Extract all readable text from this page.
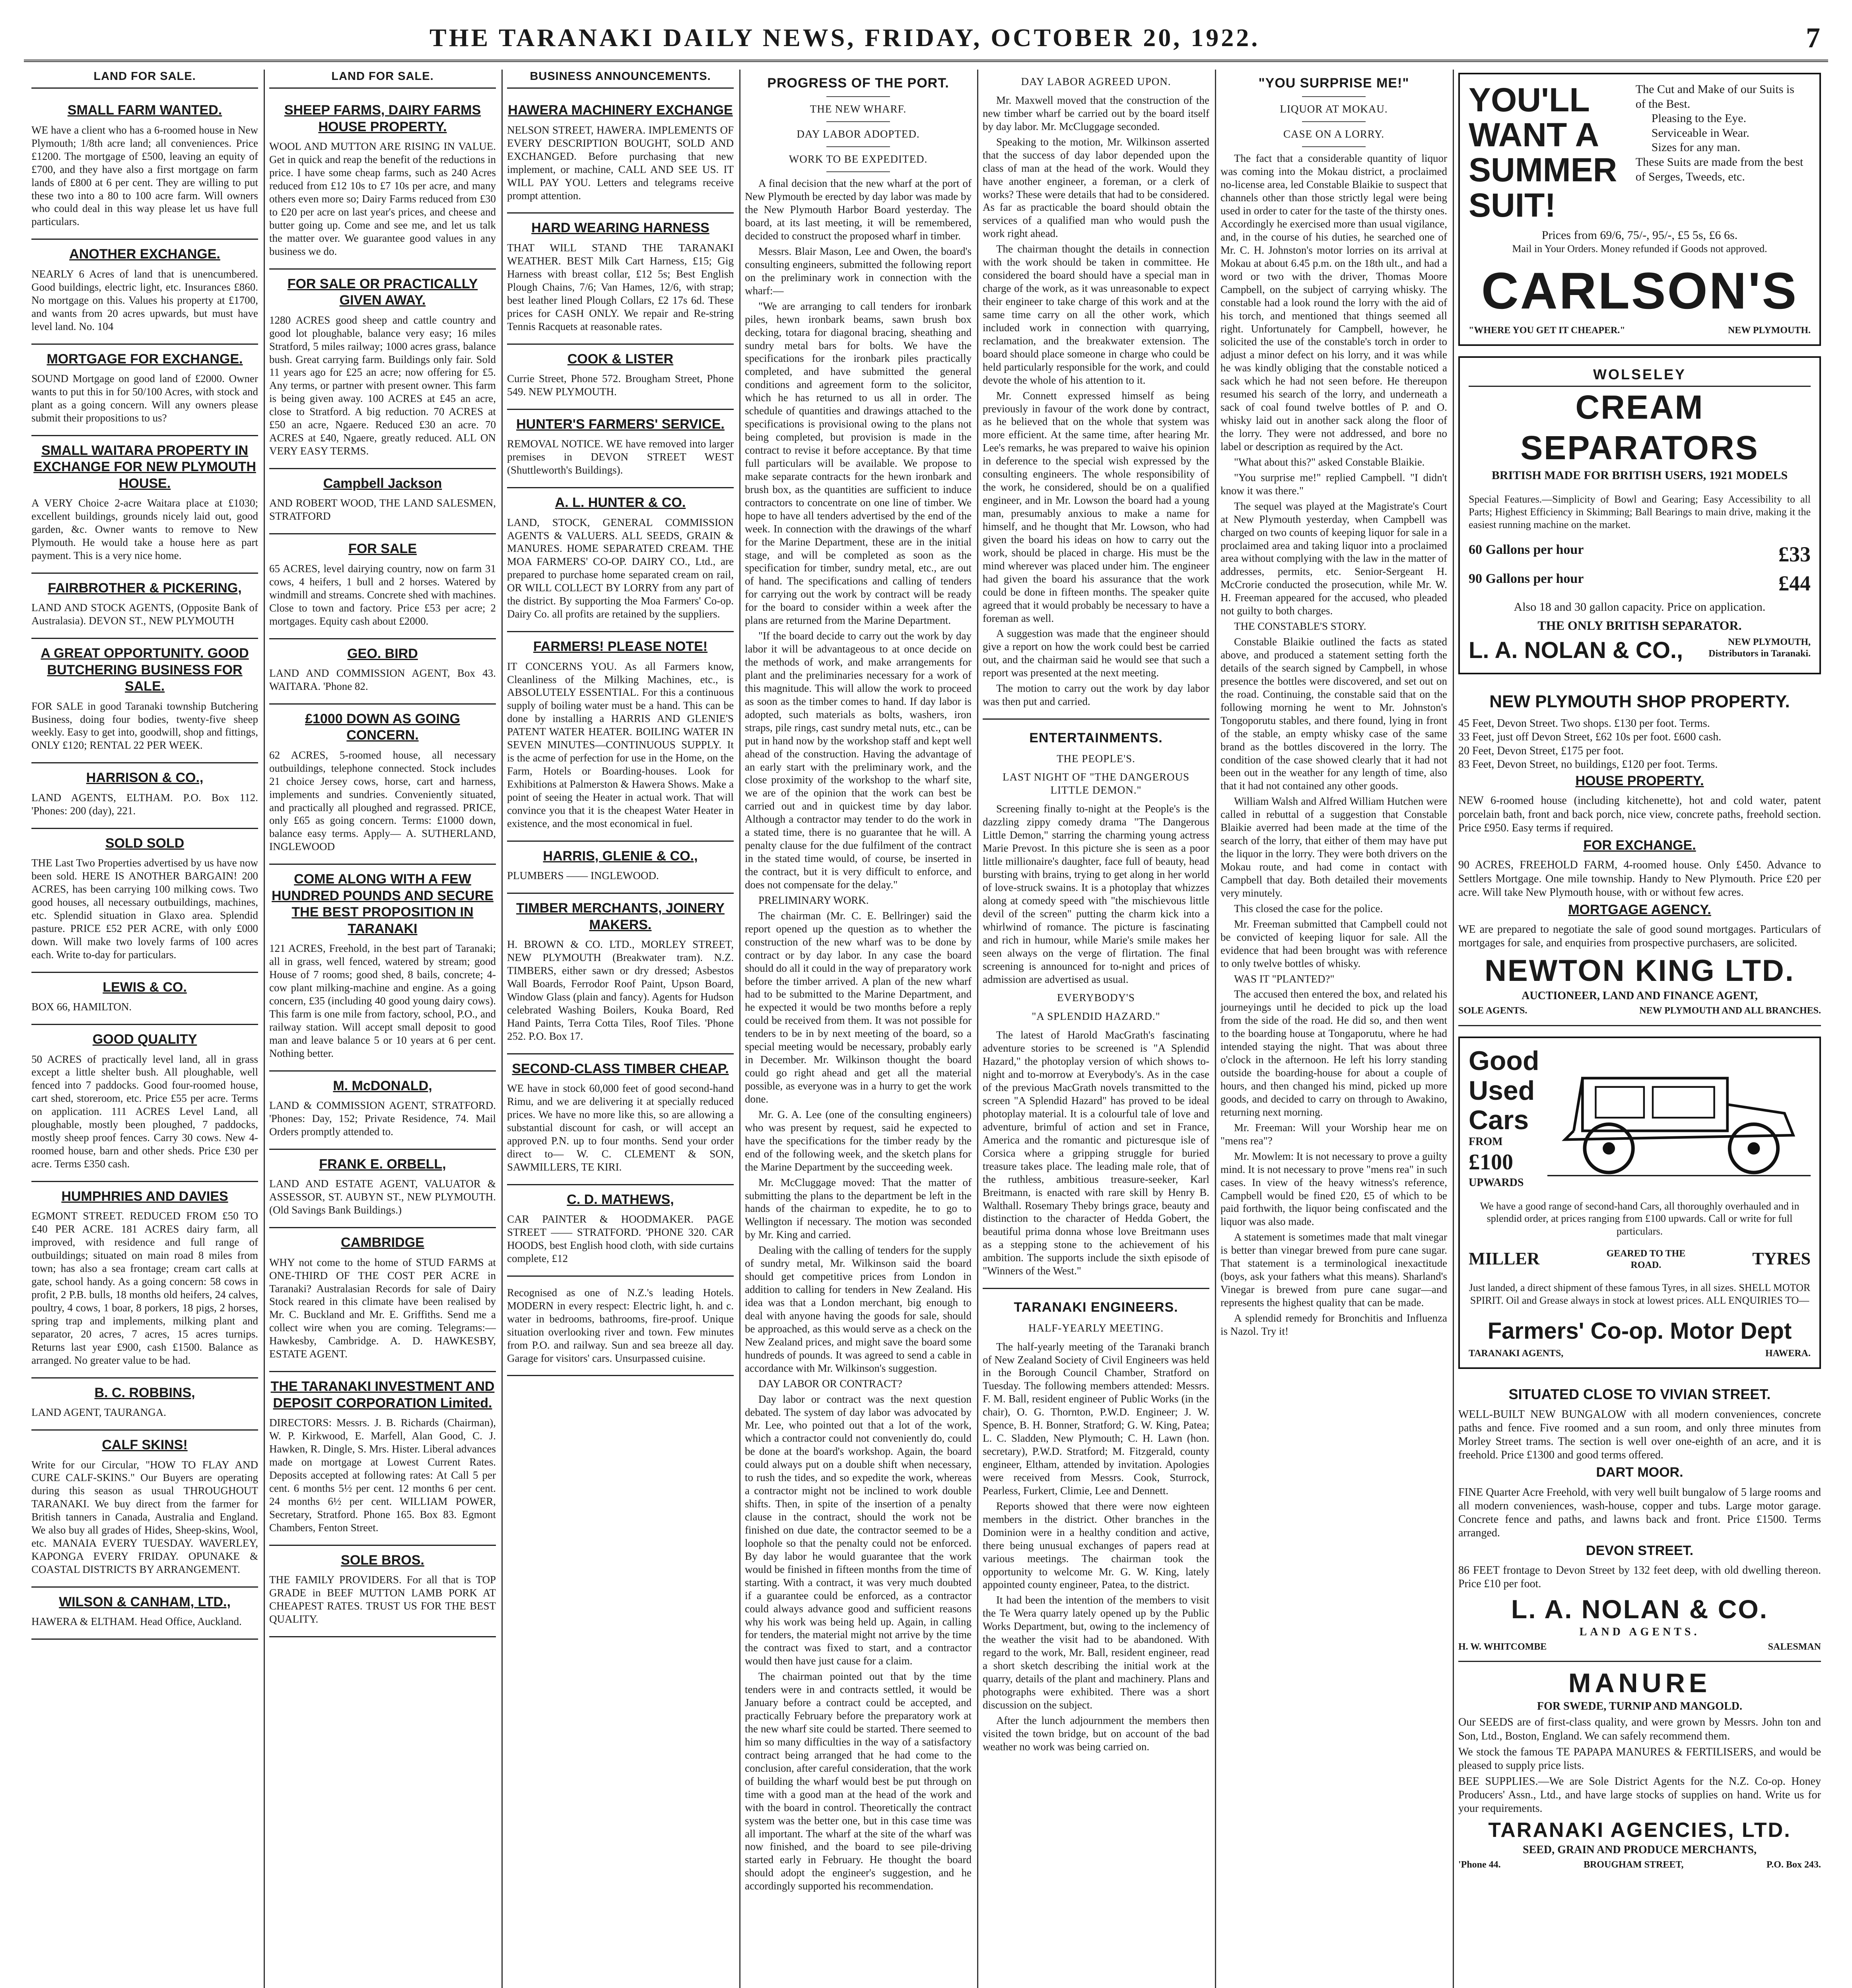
THE TARANAKI DAILY NEWS, FRIDAY, OCTOBER 20, 1922.	7
LAND FOR SALE.
SMALL FARM WANTED.

WE have a client who has a 6-roomed house in New Plymouth; 1/8th acre land; all conveniences. Price £1200. The mortgage of £500, leaving an equity of £700, and they have also a first mortgage on farm lands of £800 at 6 per cent. They are willing to put these two into a 80 to 100 acre farm. Will owners who could deal in this way please let us have full particulars.

ANOTHER EXCHANGE.

NEARLY 6 Acres of land that is unencumbered. Good buildings, electric light, etc. Insurances £860. No mortgage on this. Values his property at £1700, and wants from 20 acres upwards, but must have level land. No. 104

MORTGAGE FOR EXCHANGE.

SOUND Mortgage on good land of £2000. Owner wants to put this in for 50/100 Acres, with stock and plant as a going concern. Will any owners please submit their propositions to us?

SMALL WAITARA PROPERTY IN EXCHANGE FOR NEW PLYMOUTH HOUSE.

A VERY Choice 2-acre Waitara place at £1030; excellent buildings, grounds nicely laid out, good garden, &c. Owner wants to remove to New Plymouth. He would take a house here as part payment. This is a very nice home.

FAIRBROTHER & PICKERING,

LAND AND STOCK AGENTS, (Opposite Bank of Australasia). DEVON ST., NEW PLYMOUTH

A GREAT OPPORTUNITY. GOOD BUTCHERING BUSINESS FOR SALE.

FOR SALE in good Taranaki township Butchering Business, doing four bodies, twenty-five sheep weekly. Easy to get into, goodwill, shop and fittings, ONLY £120; RENTAL 22 PER WEEK.

HARRISON & CO.,

LAND AGENTS, ELTHAM. P.O. Box 112. 'Phones: 200 (day), 221.

SOLD SOLD

THE Last Two Properties advertised by us have now been sold. HERE IS ANOTHER BARGAIN! 200 ACRES, has been carrying 100 milking cows. Two good houses, all necessary outbuildings, machines, etc. Splendid situation in Glaxo area. Splendid pasture. PRICE £52 PER ACRE, with only £000 down. Will make two lovely farms of 100 acres each. Write to-day for particulars.

LEWIS & CO.

BOX 66, HAMILTON.

GOOD QUALITY

50 ACRES of practically level land, all in grass except a little shelter bush. All ploughable, well fenced into 7 paddocks. Good four-roomed house, cart shed, storeroom, etc. Price £55 per acre. Terms on application. 111 ACRES Level Land, all ploughable, mostly been ploughed, 7 paddocks, mostly sheep proof fences. Carry 30 cows. New 4-roomed house, barn and other sheds. Price £30 per acre. Terms £350 cash.

HUMPHRIES AND DAVIES

EGMONT STREET. REDUCED FROM £50 TO £40 PER ACRE. 181 ACRES dairy farm, all improved, with residence and full range of outbuildings; situated on main road 8 miles from town; has also a sea frontage; cream cart calls at gate, school handy. As a going concern: 58 cows in profit, 2 P.B. bulls, 18 months old heifers, 24 calves, poultry, 4 cows, 1 boar, 8 porkers, 18 pigs, 2 horses, spring trap and implements, milking plant and separator, 20 acres, 7 acres, 15 acres turnips. Returns last year £900, cash £1500. Balance as arranged. No greater value to be had.

B. C. ROBBINS,

LAND AGENT, TAURANGA.

CALF SKINS!

Write for our Circular, "HOW TO FLAY AND CURE CALF-SKINS." Our Buyers are operating during this season as usual THROUGHOUT TARANAKI. We buy direct from the farmer for British tanners in Canada, Australia and England. We also buy all grades of Hides, Sheep-skins, Wool, etc. MANAIA EVERY TUESDAY. WAVERLEY, KAPONGA EVERY FRIDAY. OPUNAKE & COASTAL DISTRICTS BY ARRANGEMENT.

WILSON & CANHAM, LTD.,

HAWERA & ELTHAM. Head Office, Auckland.

LAND FOR SALE.
SHEEP FARMS, DAIRY FARMS HOUSE PROPERTY.

WOOL AND MUTTON ARE RISING IN VALUE. Get in quick and reap the benefit of the reductions in price. I have some cheap farms, such as 240 Acres reduced from £12 10s to £7 10s per acre, and many others even more so; Dairy Farms reduced from £30 to £20 per acre on last year's prices, and cheese and butter going up. Come and see me, and let us talk the matter over. We guarantee good values in any business we do.

FOR SALE OR PRACTICALLY GIVEN AWAY.

1280 ACRES good sheep and cattle country and good lot ploughable, balance very easy; 16 miles Stratford, 5 miles railway; 1000 acres grass, balance bush. Great carrying farm. Buildings only fair. Sold 11 years ago for £25 an acre; now offering for £5. Any terms, or partner with present owner. This farm is being given away. 100 ACRES at £45 an acre, close to Stratford. A big reduction. 70 ACRES at £50 an acre, Ngaere. Reduced £30 an acre. 70 ACRES at £40, Ngaere, greatly reduced. ALL ON VERY EASY TERMS.

Campbell Jackson

AND ROBERT WOOD, THE LAND SALESMEN, STRATFORD

FOR SALE

65 ACRES, level dairying country, now on farm 31 cows, 4 heifers, 1 bull and 2 horses. Watered by windmill and streams. Concrete shed with machines. Close to town and factory. Price £53 per acre; 2 mortgages. Equity cash about £2000.

GEO. BIRD

LAND AND COMMISSION AGENT, Box 43. WAITARA. 'Phone 82.

£1000 DOWN AS GOING CONCERN.

62 ACRES, 5-roomed house, all necessary outbuildings, telephone connected. Stock includes 21 choice Jersey cows, horse, cart and harness, implements and sundries. Conveniently situated, and practically all ploughed and regrassed. PRICE, only £65 as going concern. Terms: £1000 down, balance easy terms. Apply— A. SUTHERLAND, INGLEWOOD

COME ALONG WITH A FEW HUNDRED POUNDS AND SECURE THE BEST PROPOSITION IN TARANAKI

121 ACRES, Freehold, in the best part of Taranaki; all in grass, well fenced, watered by stream; good House of 7 rooms; good shed, 8 bails, concrete; 4-cow plant milking-machine and engine. As a going concern, £35 (including 40 good young dairy cows). This farm is one mile from factory, school, P.O., and railway station. Will accept small deposit to good man and leave balance 5 or 10 years at 6 per cent. Nothing better.

M. McDONALD,

LAND & COMMISSION AGENT, STRATFORD. 'Phones: Day, 152; Private Residence, 74. Mail Orders promptly attended to.

FRANK E. ORBELL,

LAND AND ESTATE AGENT, VALUATOR & ASSESSOR, ST. AUBYN ST., NEW PLYMOUTH. (Old Savings Bank Buildings.)

CAMBRIDGE

WHY not come to the home of STUD FARMS at ONE-THIRD OF THE COST PER ACRE in Taranaki? Australasian Records for sale of Dairy Stock reared in this climate have been realised by Mr. C. Buckland and Mr. E. Griffiths. Send me a collect wire when you are coming. Telegrams:— Hawkesby, Cambridge. A. D. HAWKESBY, ESTATE AGENT.

THE TARANAKI INVESTMENT AND DEPOSIT CORPORATION Limited.

DIRECTORS: Messrs. J. B. Richards (Chairman), W. P. Kirkwood, E. Marfell, Alan Good, C. J. Hawken, R. Dingle, S. Mrs. Hister. Liberal advances made on mortgage at Lowest Current Rates. Deposits accepted at following rates: At Call 5 per cent. 6 months 5½ per cent. 12 months 6 per cent. 24 months 6½ per cent. WILLIAM POWER, Secretary, Stratford. Phone 165. Box 83. Egmont Chambers, Fenton Street.

SOLE BROS.

THE FAMILY PROVIDERS. For all that is TOP GRADE in BEEF MUTTON LAMB PORK AT CHEAPEST RATES. TRUST US FOR THE BEST QUALITY.

BUSINESS ANNOUNCEMENTS.
HAWERA MACHINERY EXCHANGE

NELSON STREET, HAWERA. IMPLEMENTS OF EVERY DESCRIPTION BOUGHT, SOLD AND EXCHANGED. Before purchasing that new implement, or machine, CALL AND SEE US. IT WILL PAY YOU. Letters and telegrams receive prompt attention.

HARD WEARING HARNESS

THAT WILL STAND THE TARANAKI WEATHER. BEST Milk Cart Harness, £15; Gig Harness with breast collar, £12 5s; Best English Plough Chains, 7/6; Van Hames, 12/6, with strap; best leather lined Plough Collars, £2 17s 6d. These prices for CASH ONLY. We repair and Re-string Tennis Racquets at reasonable rates.

COOK & LISTER

Currie Street, Phone 572. Brougham Street, Phone 549. NEW PLYMOUTH.

HUNTER'S FARMERS' SERVICE.

REMOVAL NOTICE. WE have removed into larger premises in DEVON STREET WEST (Shuttleworth's Buildings).

A. L. HUNTER & CO.

LAND, STOCK, GENERAL COMMISSION AGENTS & VALUERS. ALL SEEDS, GRAIN & MANURES. HOME SEPARATED CREAM. THE MOA FARMERS' CO-OP. DAIRY CO., Ltd., are prepared to purchase home separated cream on rail, OR WILL COLLECT BY LORRY from any part of the district. By supporting the Moa Farmers' Co-op. Dairy Co. all profits are retained by the suppliers.

FARMERS! PLEASE NOTE!

IT CONCERNS YOU. As all Farmers know, Cleanliness of the Milking Machines, etc., is ABSOLUTELY ESSENTIAL. For this a continuous supply of boiling water must be a hand. This can be done by installing a HARRIS AND GLENIE'S PATENT WATER HEATER. BOILING WATER IN SEVEN MINUTES—CONTINUOUS SUPPLY. It is the acme of perfection for use in the Home, on the Farm, Hotels or Boarding-houses. Look for Exhibitions at Palmerston & Hawera Shows. Make a point of seeing the Heater in actual work. That will convince you that it is the cheapest Water Heater in existence, and the most economical in fuel.

HARRIS, GLENIE & CO.,

PLUMBERS —— INGLEWOOD.

TIMBER MERCHANTS, JOINERY MAKERS.

H. BROWN & CO. LTD., MORLEY STREET, NEW PLYMOUTH (Breakwater tram). N.Z. TIMBERS, either sawn or dry dressed; Asbestos Wall Boards, Ferrodor Roof Paint, Upson Board, Window Glass (plain and fancy). Agents for Hudson celebrated Washing Boilers, Kouka Board, Red Hand Paints, Terra Cotta Tiles, Roof Tiles. 'Phone 252. P.O. Box 17.

SECOND-CLASS TIMBER CHEAP.

WE have in stock 60,000 feet of good second-hand Rimu, and we are delivering it at specially reduced prices. We have no more like this, so are allowing a substantial discount for cash, or will accept an approved P.N. up to four months. Send your order direct to— W. C. CLEMENT & SON, SAWMILLERS, TE KIRI.

C. D. MATHEWS,

CAR PAINTER & HOODMAKER. PAGE STREET —— STRATFORD. 'PHONE 320. CAR HOODS, best English hood cloth, with side curtains complete, £12

Recognised as one of N.Z.'s leading Hotels. MODERN in every respect: Electric light, h. and c. water in bedrooms, bathrooms, fire-proof. Unique situation overlooking river and town. Few minutes from P.O. and railway. Sun and sea breeze all day. Garage for visitors' cars. Unsurpassed cuisine.

PROGRESS OF THE PORT.
THE NEW WHARF.
DAY LABOR ADOPTED.
WORK TO BE EXPEDITED.

A final decision that the new wharf at the port of New Plymouth be erected by day labor was made by the New Plymouth Harbor Board yesterday. The board, at its last meeting, it will be remembered, decided to construct the proposed wharf in timber.

Messrs. Blair Mason, Lee and Owen, the board's consulting engineers, submitted the following report on the preliminary work in connection with the wharf:—

"We are arranging to call tenders for ironbark piles, hewn ironbark beams, sawn brush box decking, totara for diagonal bracing, sheathing and sundry metal bars for bolts. We have the specifications for the ironbark piles practically completed, and have submitted the general conditions and agreement form to the solicitor, which he has returned to us all in order. The schedule of quantities and drawings attached to the specifications is provisional owing to the plans not being completed, but provision is made in the contract to revise it before acceptance. By that time full particulars will be available. We propose to make separate contracts for the hewn ironbark and brush box, as the quantities are sufficient to induce contractors to concentrate on one line of timber. We hope to have all tenders advertised by the end of the week. In connection with the drawings of the wharf for the Marine Department, these are in the initial stage, and will be completed as soon as the specification for timber, sundry metal, etc., are out of hand. The specifications and calling of tenders for carrying out the work by contract will be ready for the board to consider within a week after the plans are returned from the Marine Department.

"If the board decide to carry out the work by day labor it will be advantageous to at once decide on the methods of work, and make arrangements for plant and the preliminaries necessary for a work of this magnitude. This will allow the work to proceed as soon as the timber comes to hand. If day labor is adopted, such materials as bolts, washers, iron straps, pile rings, cast sundry metal nuts, etc., can be put in hand now by the workshop staff and kept well ahead of the construction. Having the advantage of an early start with the preliminary work, and the close proximity of the workshop to the wharf site, we are of the opinion that the work can best be carried out and in quickest time by day labor. Although a contractor may tender to do the work in a stated time, there is no guarantee that he will. A penalty clause for the due fulfilment of the contract in the stated time would, of course, be inserted in the contract, but it is very difficult to enforce, and does not compensate for the delay."

PRELIMINARY WORK.

The chairman (Mr. C. E. Bellringer) said the report opened up the question as to whether the construction of the new wharf was to be done by contract or by day labor. In any case the board should do all it could in the way of preparatory work before the timber arrived. A plan of the new wharf had to be submitted to the Marine Department, and he expected it would be two months before a reply could be received from them. It was not possible for tenders to be in by next meeting of the board, so a special meeting would be necessary, probably early in December. Mr. Wilkinson thought the board could go right ahead and get all the material possible, as everyone was in a hurry to get the work done.

Mr. G. A. Lee (one of the consulting engineers) who was present by request, said he expected to have the specifications for the timber ready by the end of the following week, and the sketch plans for the Marine Department by the succeeding week.

Mr. McCluggage moved: That the matter of submitting the plans to the department be left in the hands of the chairman to expedite, he to go to Wellington if necessary. The motion was seconded by Mr. King and carried.

Dealing with the calling of tenders for the supply of sundry metal, Mr. Wilkinson said the board should get competitive prices from London in addition to calling for tenders in New Zealand. His idea was that a London merchant, big enough to deal with anyone having the goods for sale, should be approached, as this would serve as a check on the New Zealand prices, and might save the board some hundreds of pounds. It was agreed to send a cable in accordance with Mr. Wilkinson's suggestion.

DAY LABOR OR CONTRACT?

Day labor or contract was the next question debated. The system of day labor was advocated by Mr. Lee, who pointed out that a lot of the work, which a contractor could not conveniently do, could be done at the board's workshop. Again, the board could always put on a double shift when necessary, to rush the tides, and so expedite the work, whereas a contractor might not be inclined to work double shifts. Then, in spite of the insertion of a penalty clause in the contract, should the work not be finished on due date, the contractor seemed to be a loophole so that the penalty could not be enforced. By day labor he would guarantee that the work would be finished in fifteen months from the time of starting. With a contract, it was very much doubted if a guarantee could be enforced, as a contractor could always advance good and sufficient reasons why his work was being held up. Again, in calling for tenders, the material might not arrive by the time the contract was fixed to start, and a contractor would then have just cause for a claim.

The chairman pointed out that by the time tenders were in and contracts settled, it would be January before a contract could be accepted, and practically February before the preparatory work at the new wharf site could be started. There seemed to him so many difficulties in the way of a satisfactory contract being arranged that he had come to the conclusion, after careful consideration, that the work of building the wharf would best be put through on time with a good man at the head of the work and with the board in control. Theoretically the contract system was the better one, but in this case time was all important. The wharf at the site of the wharf was now finished, and the board to see pile-driving started early in February. He thought the board should adopt the engineer's suggestion, and he accordingly supported his recommendation.

DAY LABOR AGREED UPON.

Mr. Maxwell moved that the construction of the new timber wharf be carried out by the board itself by day labor. Mr. McCluggage seconded.

Speaking to the motion, Mr. Wilkinson asserted that the success of day labor depended upon the class of man at the head of the work. Would they have another engineer, a foreman, or a clerk of works? These were details that had to be considered. As far as practicable the board should obtain the services of a qualified man who would push the work right ahead.

The chairman thought the details in connection with the work should be taken in committee. He considered the board should have a special man in charge of the work, as it was unreasonable to expect their engineer to take charge of this work and at the same time carry on all the other work, which included work in connection with quarrying, reclamation, and the breakwater extension. The board should place someone in charge who could be held particularly responsible for the work, and could devote the whole of his attention to it.

Mr. Connett expressed himself as being previously in favour of the work done by contract, as he believed that on the whole that system was more efficient. At the same time, after hearing Mr. Lee's remarks, he was prepared to waive his opinion in deference to the special wish expressed by the consulting engineers. The whole responsibility of the work, he considered, should be on a qualified engineer, and in Mr. Lowson the board had a young man, presumably anxious to make a name for himself, and he thought that Mr. Lowson, who had given the board his ideas on how to carry out the work, should be placed in charge. His must be the mind wherever was placed under him. The engineer had given the board his assurance that the work could be done in fifteen months. The speaker quite agreed that it would probably be necessary to have a foreman as well.

A suggestion was made that the engineer should give a report on how the work could best be carried out, and the chairman said he would see that such a report was presented at the next meeting.

The motion to carry out the work by day labor was then put and carried.

ENTERTAINMENTS.
THE PEOPLE'S.
LAST NIGHT OF "THE DANGEROUS LITTLE DEMON."

Screening finally to-night at the People's is the dazzling zippy comedy drama "The Dangerous Little Demon," starring the charming young actress Marie Prevost. In this picture she is seen as a poor little millionaire's daughter, face full of beauty, head bursting with brains, trying to get along in her world of love-struck swains. It is a photoplay that whizzes along at comedy speed with "the mischievous little devil of the screen" putting the charm kick into a whirlwind of romance. The picture is fascinating and rich in humour, while Marie's smile makes her seen always on the verge of flirtation. The final screening is announced for to-night and prices of admission are advertised as usual.

EVERYBODY'S
"A SPLENDID HAZARD."

The latest of Harold MacGrath's fascinating adventure stories to be screened is "A Splendid Hazard," the photoplay version of which shows to-night and to-morrow at Everybody's. As in the case of the previous MacGrath novels transmitted to the screen "A Splendid Hazard" has proved to be ideal photoplay material. It is a colourful tale of love and adventure, brimful of action and set in France, America and the romantic and picturesque isle of Corsica where a gripping struggle for buried treasure takes place. The leading male role, that of the ruthless, ambitious treasure-seeker, Karl Breitmann, is enacted with rare skill by Henry B. Walthall. Rosemary Theby brings grace, beauty and distinction to the character of Hedda Gobert, the beautiful prima donna whose love Breitmann uses as a stepping stone to the achievement of his ambition. The supports include the sixth episode of "Winners of the West."

TARANAKI ENGINEERS.
HALF-YEARLY MEETING.

The half-yearly meeting of the Taranaki branch of New Zealand Society of Civil Engineers was held in the Borough Council Chamber, Stratford on Tuesday. The following members attended: Messrs. F. M. Ball, resident engineer of Public Works (in the chair), O. G. Thornton, P.W.D. Engineer; J. W. Spence, B. H. Bonner, Stratford; G. W. King, Patea; L. C. Sladden, New Plymouth; C. H. Lawn (hon. secretary), P.W.D. Stratford; M. Fitzgerald, county engineer, Eltham, attended by invitation. Apologies were received from Messrs. Cook, Sturrock, Pearless, Furkert, Climie, Lee and Dennett.

Reports showed that there were now eighteen members in the district. Other branches in the Dominion were in a healthy condition and active, there being unusual exchanges of papers read at various meetings. The chairman took the opportunity to welcome Mr. G. W. King, lately appointed county engineer, Patea, to the district.

It had been the intention of the members to visit the Te Wera quarry lately opened up by the Public Works Department, but, owing to the inclemency of the weather the visit had to be abandoned. With regard to the work, Mr. Ball, resident engineer, read a short sketch describing the initial work at the quarry, details of the plant and machinery. Plans and photographs were exhibited. There was a short discussion on the subject.

After the lunch adjournment the members then visited the town bridge, but on account of the bad weather no work was being carried on.

"YOU SURPRISE ME!"
LIQUOR AT MOKAU.
CASE ON A LORRY.

The fact that a considerable quantity of liquor was coming into the Mokau district, a proclaimed no-license area, led Constable Blaikie to suspect that channels other than those strictly legal were being used in order to cater for the taste of the thirsty ones. Accordingly he exercised more than usual vigilance, and, in the course of his duties, he searched one of Mr. C. H. Johnston's motor lorries on its arrival at Mokau at about 6.45 p.m. on the 18th ult., and had a word or two with the driver, Thomas Moore Campbell, on the subject of carrying whisky. The constable had a look round the lorry with the aid of his torch, and mentioned that things seemed all right. Unfortunately for Campbell, however, he solicited the use of the constable's torch in order to adjust a minor defect on his lorry, and it was while he was kindly obliging that the constable noticed a sack which he had not seen before. He thereupon resumed his search of the lorry, and underneath a sack of coal found twelve bottles of P. and O. whisky laid out in another sack along the floor of the lorry. They were not addressed, and bore no label or description as required by the Act.

"What about this?" asked Constable Blaikie.

"You surprise me!" replied Campbell. "I didn't know it was there."

The sequel was played at the Magistrate's Court at New Plymouth yesterday, when Campbell was charged on two counts of keeping liquor for sale in a proclaimed area and taking liquor into a proclaimed area without complying with the law in the matter of addresses, permits, etc. Senior-Sergeant H. McCrorie conducted the prosecution, while Mr. W. H. Freeman appeared for the accused, who pleaded not guilty to both charges.

THE CONSTABLE'S STORY.

Constable Blaikie outlined the facts as stated above, and produced a statement setting forth the details of the search signed by Campbell, in whose presence the bottles were discovered, and set out on the road. Continuing, the constable said that on the following morning he went to Mr. Johnston's Tongoporutu stables, and there found, lying in front of the stable, an empty whisky case of the same brand as the bottles discovered in the lorry. The condition of the case showed clearly that it had not been out in the weather for any length of time, also that it had not contained any other goods.

William Walsh and Alfred William Hutchen were called in rebuttal of a suggestion that Constable Blaikie averred had been made at the time of the search of the lorry, that either of them may have put the liquor in the lorry. They were both drivers on the Mokau route, and had come in contact with Campbell that day. Both detailed their movements very minutely.

This closed the case for the police.

Mr. Freeman submitted that Campbell could not be convicted of keeping liquor for sale. All the evidence that had been brought was with reference to only twelve bottles of whisky.

WAS IT "PLANTED?"

The accused then entered the box, and related his journeyings until he decided to pick up the load from the side of the road. He did so, and then went to the boarding house at Tongaporutu, where he had intended staying the night. That was about three o'clock in the afternoon. He left his lorry standing outside the boarding-house for about a couple of hours, and then changed his mind, picked up more goods, and decided to carry on through to Awakino, returning next morning.

Mr. Freeman: Will your Worship hear me on "mens rea"?

Mr. Mowlem: It is not necessary to prove a guilty mind. It is not necessary to prove "mens rea" in such cases. In view of the heavy witness's reference, Campbell would be fined £20, £5 of which to be paid forthwith, the liquor being confiscated and the liquor was also made.

A statement is sometimes made that malt vinegar is better than vinegar brewed from pure cane sugar. That statement is a terminological inexactitude (boys, ask your fathers what this means). Sharland's Vinegar is brewed from pure cane sugar—and represents the highest quality that can be made.

A splendid remedy for Bronchitis and Influenza is Nazol. Try it!

YOU'LL WANT A SUMMER SUIT!
The Cut and Make of our Suits is of the Best.
Pleasing to the Eye.
Serviceable in Wear.
Sizes for any man.
These Suits are made from the best of Serges, Tweeds, etc.
Prices from 69/6, 75/-, 95/-, £5 5s, £6 6s.
Mail in Your Orders. Money refunded if Goods not approved.
CARLSON'S
"WHERE YOU GET IT CHEAPER."	NEW PLYMOUTH.
WOLSELEY
CREAM SEPARATORS
BRITISH MADE FOR BRITISH USERS, 1921 MODELS

Special Features.—Simplicity of Bowl and Gearing; Easy Accessibility to all Parts; Highest Efficiency in Skimming; Ball Bearings to main drive, making it the easiest running machine on the market.

60 Gallons per hour	£33
90 Gallons per hour	£44
Also 18 and 30 gallon capacity. Price on application.
THE ONLY BRITISH SEPARATOR.
L. A. NOLAN & CO.,	NEW PLYMOUTH, Distributors in Taranaki.
NEW PLYMOUTH SHOP PROPERTY.
45 Feet, Devon Street. Two shops. £130 per foot. Terms.
33 Feet, just off Devon Street, £62 10s per foot. £600 cash.
20 Feet, Devon Street, £175 per foot.
83 Feet, Devon Street, no buildings, £120 per foot. Terms.
HOUSE PROPERTY.

NEW 6-roomed house (including kitchenette), hot and cold water, patent porcelain bath, front and back porch, nice view, concrete paths, freehold section. Price £950. Easy terms if required.

FOR EXCHANGE.

90 ACRES, FREEHOLD FARM, 4-roomed house. Only £450. Advance to Settlers Mortgage. One mile township. Handy to New Plymouth. Price £20 per acre. Will take New Plymouth house, with or without few acres.

MORTGAGE AGENCY.

WE are prepared to negotiate the sale of good sound mortgages. Particulars of mortgages for sale, and enquiries from prospective purchasers, are solicited.

NEWTON KING LTD.
AUCTIONEER, LAND AND FINANCE AGENT,
SOLE AGENTS.	NEW PLYMOUTH AND ALL BRANCHES.
Good Used Cars
FROM
£100
UPWARDS

We have a good range of second-hand Cars, all thoroughly overhauled and in splendid order, at prices ranging from £100 upwards. Call or write for full particulars.

MILLER	GEARED TO THE ROAD.	TYRES

Just landed, a direct shipment of these famous Tyres, in all sizes. SHELL MOTOR SPIRIT. Oil and Grease always in stock at lowest prices. ALL ENQUIRIES TO—

Farmers' Co-op. Motor Dept
TARANAKI AGENTS,	HAWERA.
SITUATED CLOSE TO VIVIAN STREET.

WELL-BUILT NEW BUNGALOW with all modern conveniences, concrete paths and fence. Five roomed and a sun room, and only three minutes from Morley Street trams. The section is well over one-eighth of an acre, and it is freehold. Price £1300 and good terms offered.

DART MOOR.

FINE Quarter Acre Freehold, with very well built bungalow of 5 large rooms and all modern conveniences, wash-house, copper and tubs. Large motor garage. Concrete fence and paths, and lawns back and front. Price £1500. Terms arranged.

DEVON STREET.

86 FEET frontage to Devon Street by 132 feet deep, with old dwelling thereon. Price £10 per foot.

L. A. NOLAN & CO.
LAND AGENTS.
H. W. WHITCOMBE	SALESMAN
MANURE
FOR SWEDE, TURNIP AND MANGOLD.

Our SEEDS are of first-class quality, and were grown by Messrs. John ton and Son, Ltd., Boston, England. We can safely recommend them.

We stock the famous TE PAPAPA MANURES & FERTILISERS, and would be pleased to supply price lists.

BEE SUPPLIES.—We are Sole District Agents for the N.Z. Co-op. Honey Producers' Assn., Ltd., and have large stocks of supplies on hand. Write us for your requirements.

TARANAKI AGENCIES, LTD.
SEED, GRAIN AND PRODUCE MERCHANTS,
'Phone 44.	BROUGHAM STREET,	P.O. Box 243.
